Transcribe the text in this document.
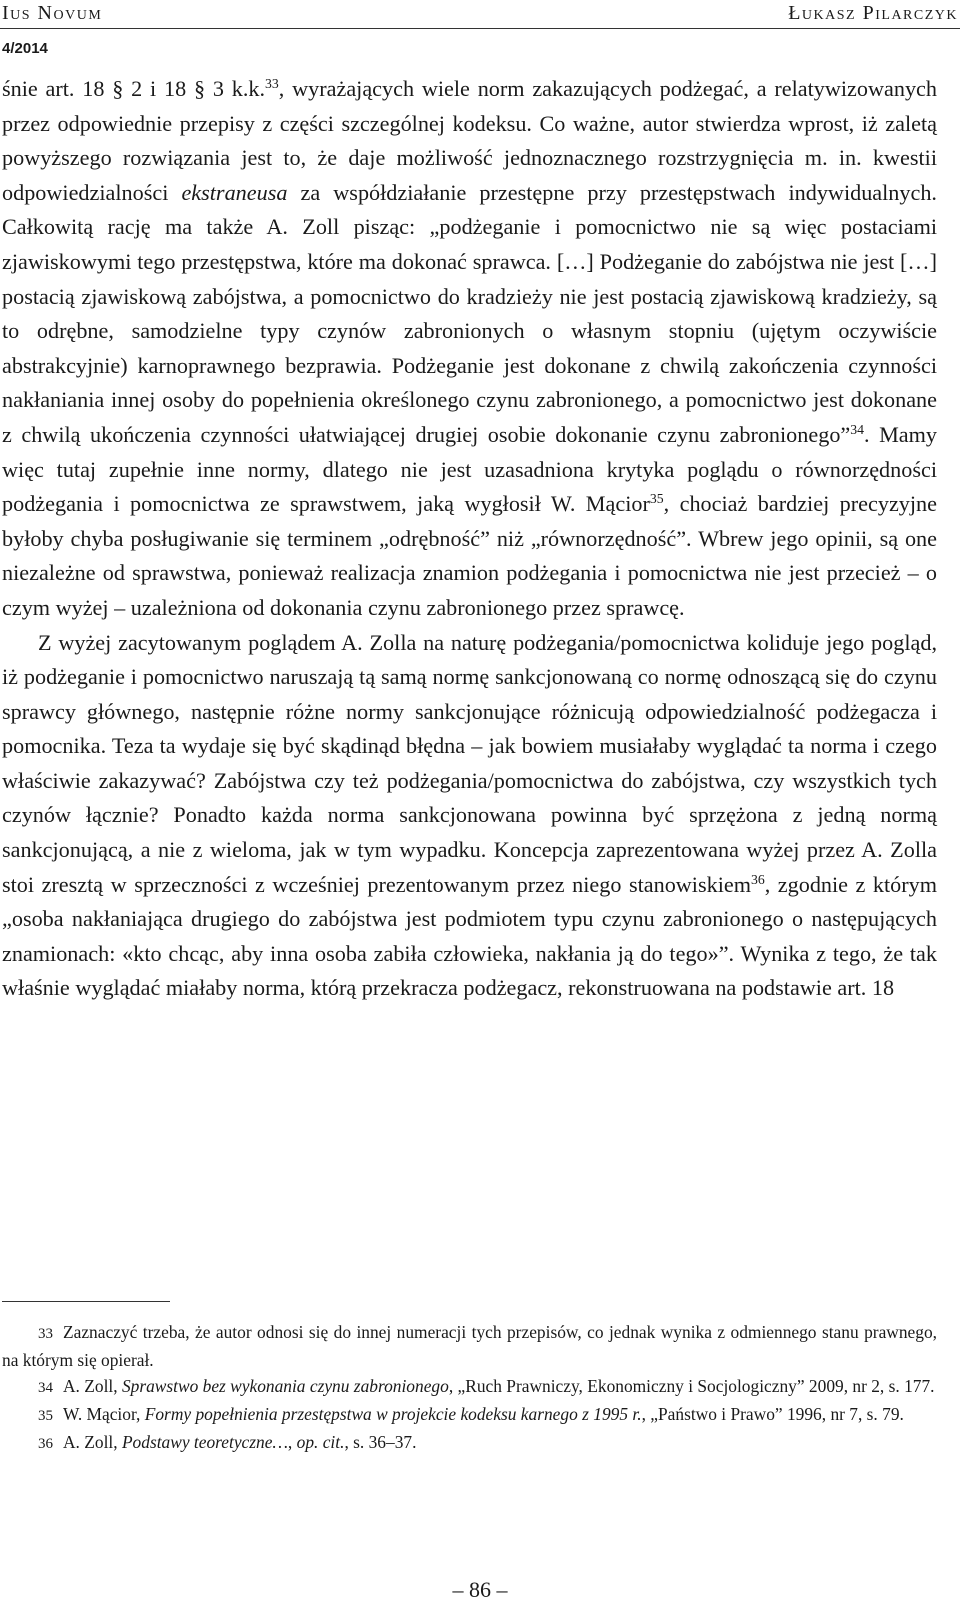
Ius Novum	Łukasz Pilarczyk
4/2014

śnie art. 18 § 2 i 18 § 3 k.k.$^{33}$, wyrażających wiele norm zakazujących podżegać, a relatywizowanych przez odpowiednie przepisy z części szczególnej kodeksu. Co ważne, autor stwierdza wprost, iż zaletą powyższego rozwiązania jest to, że daje możliwość jednoznacznego rozstrzygnięcia m. in. kwestii odpowiedzialności ekstraneusa za współdziałanie przestępne przy przestępstwach indywidualnych. Całkowitą rację ma także A. Zoll pisząc: „podżeganie i pomocnictwo nie są więc postaciami zjawiskowymi tego przestępstwa, które ma dokonać sprawca. […] Podżeganie do zabójstwa nie jest […] postacią zjawiskową zabójstwa, a pomocnictwo do kradzieży nie jest postacią zjawiskową kradzieży, są to odrębne, samodzielne typy czynów zabronionych o własnym stopniu (ujętym oczywiście abstrakcyjnie) karnoprawnego bezprawia. Podżeganie jest dokonane z chwilą zakończenia czynności nakłaniania innej osoby do popełnienia określonego czynu zabronionego, a pomocnictwo jest dokonane z chwilą ukończenia czynności ułatwiającej drugiej osobie dokonanie czynu zabronionego”$^{34}$. Mamy więc tutaj zupełnie inne normy, dlatego nie jest uzasadniona krytyka poglądu o równorzędności podżegania i pomocnictwa ze sprawstwem, jaką wygłosił W. Mącior$^{35}$, chociaż bardziej precyzyjne byłoby chyba posługiwanie się terminem „odrębność” niż „równorzędność”. Wbrew jego opinii, są one niezależne od sprawstwa, ponieważ realizacja znamion podżegania i pomocnictwa nie jest przecież – o czym wyżej – uzależniona od dokonania czynu zabronionego przez sprawcę.

Z wyżej zacytowanym poglądem A. Zolla na naturę podżegania/pomocnictwa koliduje jego pogląd, iż podżeganie i pomocnictwo naruszają tą samą normę sankcjonowaną co normę odnoszącą się do czynu sprawcy głównego, następnie różne normy sankcjonujące różnicują odpowiedzialność podżegacza i pomocnika. Teza ta wydaje się być skądinąd błędna – jak bowiem musiałaby wyglądać ta norma i czego właściwie zakazywać? Zabójstwa czy też podżegania/pomocnictwa do zabójstwa, czy wszystkich tych czynów łącznie? Ponadto każda norma sankcjonowana powinna być sprzężona z jedną normą sankcjonującą, a nie z wieloma, jak w tym wypadku. Koncepcja zaprezentowana wyżej przez A. Zolla stoi zresztą w sprzeczności z wcześniej prezentowanym przez niego stanowiskiem$^{36}$, zgodnie z którym „osoba nakłaniająca drugiego do zabójstwa jest podmiotem typu czynu zabronionego o następujących znamionach: «kto chcąc, aby inna osoba zabiła człowieka, nakłania ją do tego»”. Wynika z tego, że tak właśnie wyglądać miałaby norma, którą przekracza podżegacz, rekonstruowana na podstawie art. 18

33 Zaznaczyć trzeba, że autor odnosi się do innej numeracji tych przepisów, co jednak wynika z odmiennego stanu prawnego, na którym się opierał.

34 A. Zoll, Sprawstwo bez wykonania czynu zabronionego, „Ruch Prawniczy, Ekonomiczny i Socjologiczny” 2009, nr 2, s. 177.

35 W. Mącior, Formy popełnienia przestępstwa w projekcie kodeksu karnego z 1995 r., „Państwo i Prawo” 1996, nr 7, s. 79.

36 A. Zoll, Podstawy teoretyczne…, op. cit., s. 36–37.

– 86 –
